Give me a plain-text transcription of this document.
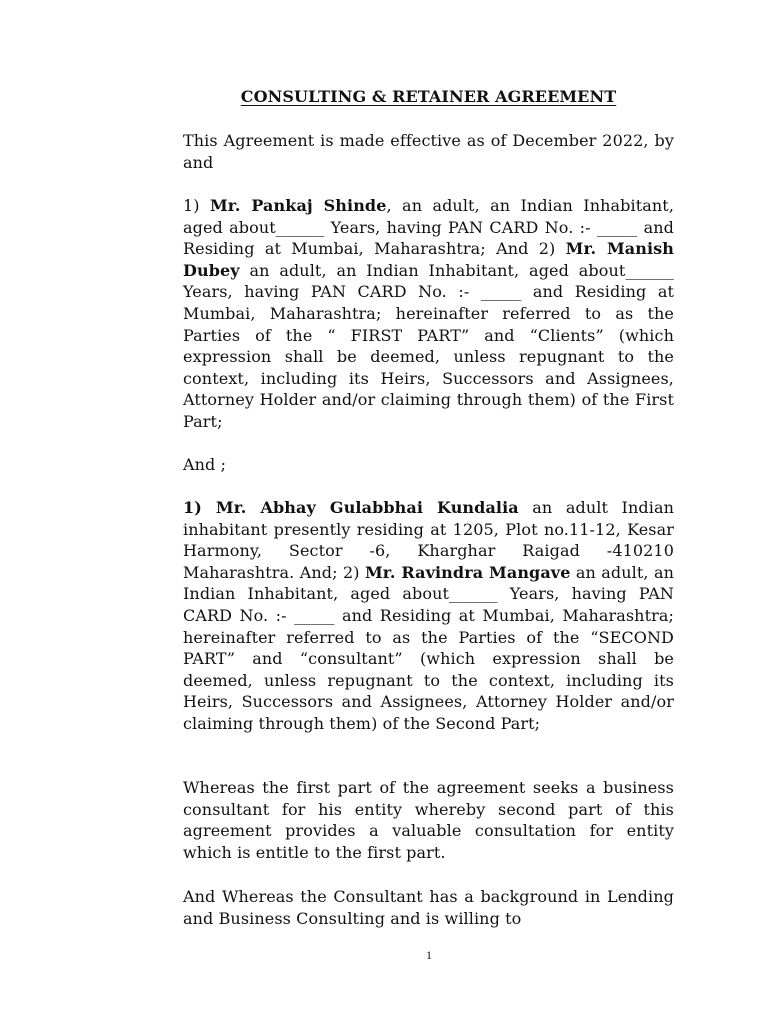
CONSULTING & RETAINER AGREEMENT
This Agreement is made effective as of December 2022, by and
1) Mr. Pankaj Shinde, an adult, an Indian Inhabitant, aged about______ Years, having PAN CARD No. :- _____ and Residing at Mumbai, Maharashtra; And 2) Mr. Manish Dubey an adult, an Indian Inhabitant, aged about______ Years, having PAN CARD No. :- _____ and Residing at Mumbai, Maharashtra; hereinafter referred to as the Parties of the “ FIRST PART” and “Clients” (which expression shall be deemed, unless repugnant to the context, including its Heirs, Successors and Assignees, Attorney Holder and/or claiming through them) of the First Part;
And ;
1) Mr. Abhay Gulabbhai Kundalia an adult Indian inhabitant presently residing at 1205, Plot no.11-12, Kesar Harmony, Sector -6, Kharghar Raigad -410210 Maharashtra. And; 2) Mr. Ravindra Mangave an adult, an Indian Inhabitant, aged about______ Years, having PAN CARD No. :- _____ and Residing at Mumbai, Maharashtra; hereinafter referred to as the Parties of the “SECOND PART” and “consultant” (which expression shall be deemed, unless repugnant to the context, including its Heirs, Successors and Assignees, Attorney Holder and/or claiming through them) of the Second Part;
Whereas the first part of the agreement seeks a business consultant for his entity whereby second part of this agreement provides a valuable consultation for entity which is entitle to the first part.
And Whereas the Consultant has a background in Lending and Business Consulting and is willing to
1
